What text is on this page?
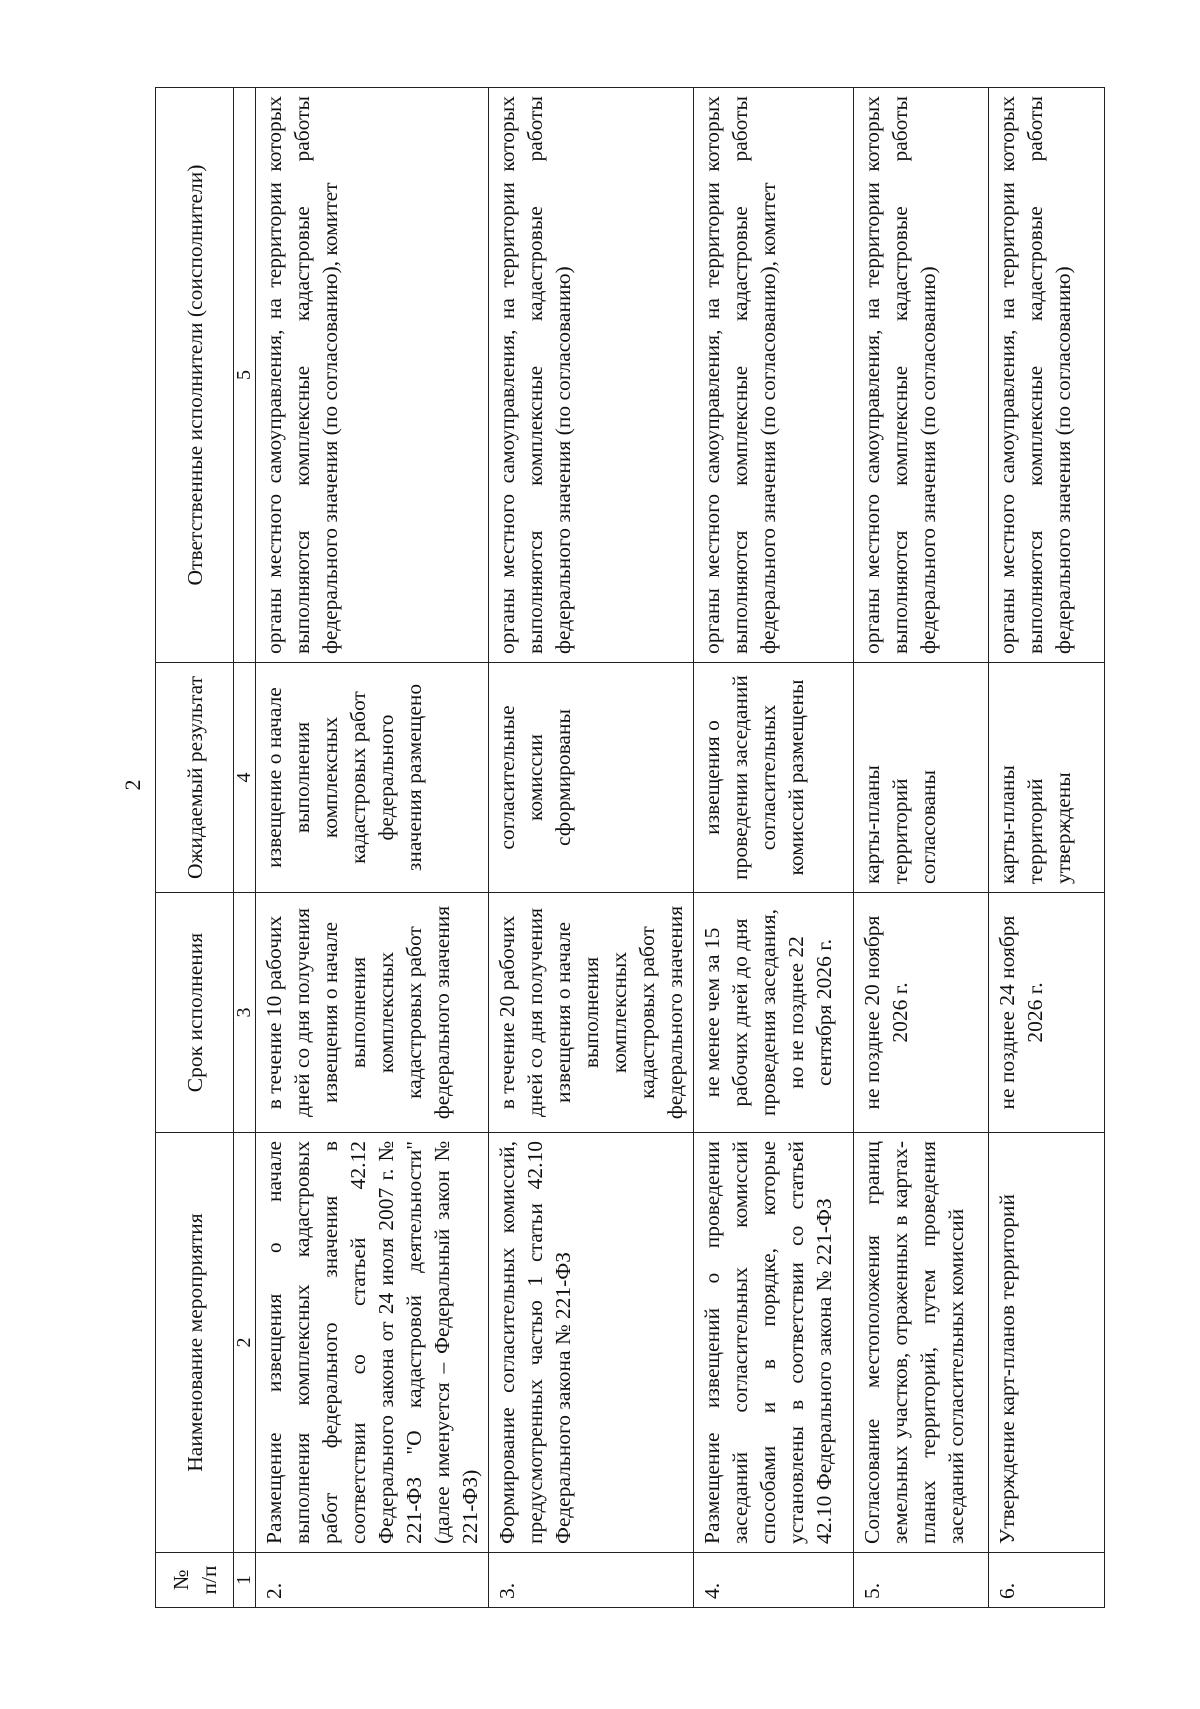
2
№ п/п	Наименование мероприятия	Срок исполнения	Ожидаемый результат	Ответственные исполнители (соисполнители)
1	2	3	4	5
2.	Размещение извещения о начале выполнения комплексных кадастровых работ федерального значения в соответствии со статьей 42.12 Федерального закона от 24 июля 2007 г. № 221-ФЗ "О кадастровой деятельности" (далее именуется – Федеральный закон № 221-ФЗ)	в течение 10 рабочих дней со дня получения извещения о начале выполнения комплексных кадастровых работ федерального значения	извещение о начале выполнения комплексных кадастровых работ федерального значения размещено	органы местного самоуправления, на территории которых выполняются комплексные кадастровые работы федерального значения (по согласованию), комитет
3.	Формирование согласительных комиссий, предусмотренных частью 1 статьи 42.10 Федерального закона № 221-ФЗ	в течение 20 рабочих дней со дня получения извещения о начале выполнения комплексных кадастровых работ федерального значения	согласительные комиссии сформированы	органы местного самоуправления, на территории которых выполняются комплексные кадастровые работы федерального значения (по согласованию)
4.	Размещение извещений о проведении заседаний согласительных комиссий способами и в порядке, которые установлены в соответствии со статьей 42.10 Федерального закона № 221-ФЗ	не менее чем за 15 рабочих дней до дня проведения заседания, но не позднее 22 сентября 2026 г.	извещения о проведении заседаний согласительных комиссий размещены	органы местного самоуправления, на территории которых выполняются комплексные кадастровые работы федерального значения (по согласованию), комитет
5.	Согласование местоположения границ земельных участков, отраженных в картах-планах территорий, путем проведения заседаний согласительных комиссий	не позднее 20 ноября 2026 г.	карты-планы территорий согласованы	органы местного самоуправления, на территории которых выполняются комплексные кадастровые работы федерального значения (по согласованию)
6.	Утверждение карт-планов территорий	не позднее 24 ноября 2026 г.	карты-планы территорий утверждены	органы местного самоуправления, на территории которых выполняются комплексные кадастровые работы федерального значения (по согласованию)
